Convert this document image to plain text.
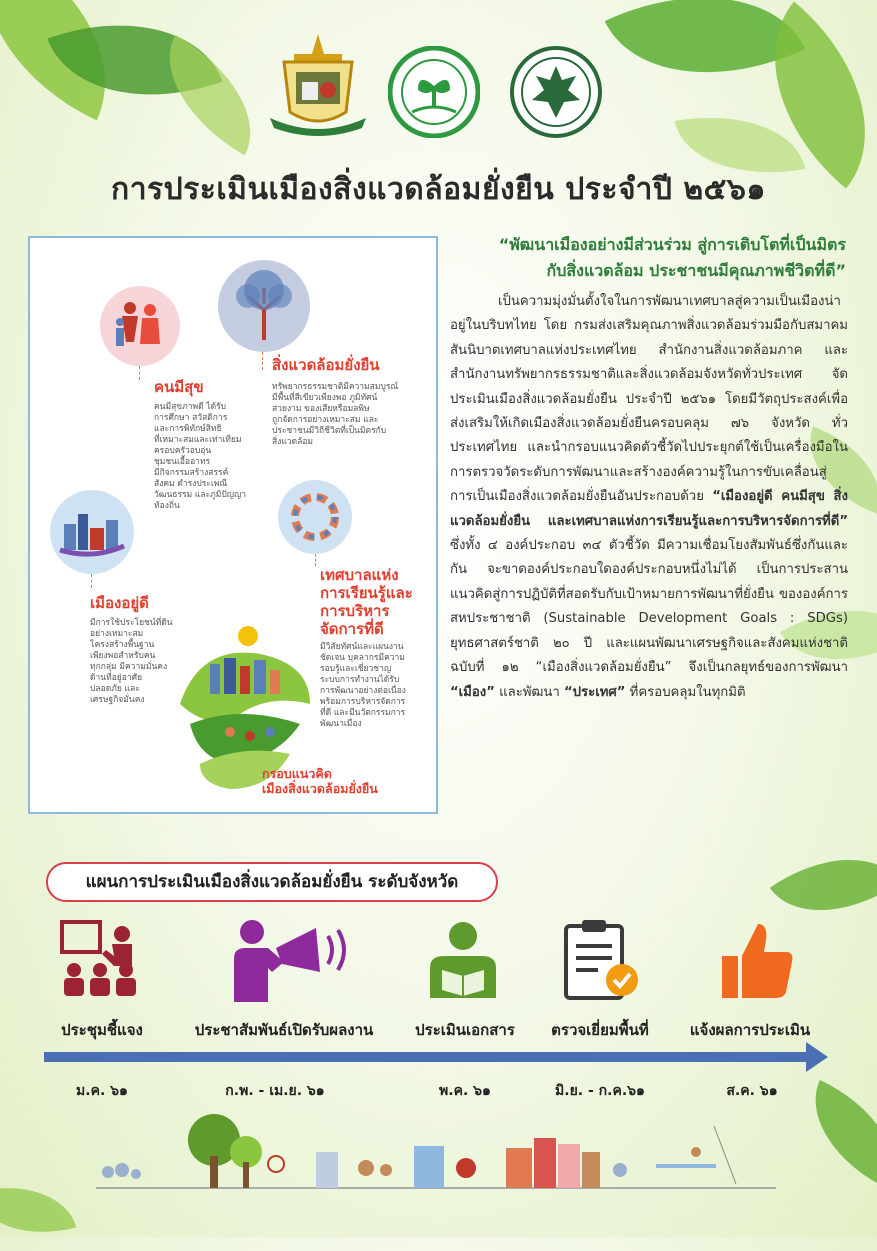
การประเมินเมืองสิ่งแวดล้อมยั่งยืน ประจำปี ๒๕๖๑
คนมีสุข
คนมีสุขภาพดี ได้รับ
การศึกษา สวัสดิการ
และการพิทักษ์สิทธิ
ที่เหมาะสมและเท่าเทียม
ครอบครัวอบอุ่น
ชุมชนเอื้ออาทร
มีกิจกรรมสร้างสรรค์
สังคม ดำรงประเพณี
วัฒนธรรม และภูมิปัญญา
ท้องถิ่น
สิ่งแวดล้อมยั่งยืน
ทรัพยากรธรรมชาติมีความสมบูรณ์
มีพื้นที่สีเขียวเพียงพอ ภูมิทัศน์
สวยงาม ของเสียหรือมลพิษ
ถูกจัดการอย่างเหมาะสม และ
ประชาชนมีวิถีชีวิตที่เป็นมิตรกับ
สิ่งแวดล้อม
เมืองอยู่ดี
มีการใช้ประโยชน์ที่ดิน
อย่างเหมาะสม
โครงสร้างพื้นฐาน
เพียงพอสำหรับคน
ทุกกลุ่ม มีความมั่นคง
ด้านที่อยู่อาศัย
ปลอดภัย และ
เศรษฐกิจมั่นคง
เทศบาลแห่ง
การเรียนรู้และ
การบริหาร
จัดการที่ดี
มีวิสัยทัศน์และแผนงาน
ชัดเจน บุคลากรมีความ
รอบรู้และเชี่ยวชาญ
ระบบการทำงานได้รับ
การพัฒนาอย่างต่อเนื่อง
พร้อมการบริหารจัดการ
ที่ดี และมีนวัตกรรมการ
พัฒนาเมือง
กรอบแนวคิด
เมืองสิ่งแวดล้อมยั่งยืน
“พัฒนาเมืองอย่างมีส่วนร่วม สู่การเติบโตที่เป็นมิตร
กับสิ่งแวดล้อม ประชาชนมีคุณภาพชีวิตที่ดี”

เป็นความมุ่งมั่นตั้งใจในการพัฒนาเทศบาลสู่ความเป็นเมืองน่าอยู่ในบริบทไทย โดย กรมส่งเสริมคุณภาพสิ่งแวดล้อมร่วมมือกับสมาคมสันนิบาตเทศบาลแห่งประเทศไทย สำนักงานสิ่งแวดล้อมภาค และสำนักงานทรัพยากรธรรมชาติและสิ่งแวดล้อมจังหวัดทั่วประเทศ จัดประเมินเมืองสิ่งแวดล้อมยั่งยืน ประจำปี ๒๕๖๑ โดยมีวัตถุประสงค์เพื่อส่งเสริมให้เกิดเมืองสิ่งแวดล้อมยั่งยืนครอบคลุม ๗๖ จังหวัด ทั่วประเทศไทย และนำกรอบแนวคิดตัวชี้วัดไปประยุกต์ใช้เป็นเครื่องมือในการตรวจวัดระดับการพัฒนาและสร้างองค์ความรู้ในการขับเคลื่อนสู่การเป็นเมืองสิ่งแวดล้อมยั่งยืนอันประกอบด้วย “เมืองอยู่ดี คนมีสุข สิ่งแวดล้อมยั่งยืน และเทศบาลแห่งการเรียนรู้และการบริหารจัดการที่ดี” ซึ่งทั้ง ๔ องค์ประกอบ ๓๔ ตัวชี้วัด มีความเชื่อมโยงสัมพันธ์ซึ่งกันและกัน จะขาดองค์ประกอบใดองค์ประกอบหนึ่งไม่ได้ เป็นการประสานแนวคิดสู่การปฏิบัติที่สอดรับกับเป้าหมายการพัฒนาที่ยั่งยืน ขององค์การสหประชาชาติ (Sustainable Development Goals : SDGs) ยุทธศาสตร์ชาติ ๒๐ ปี และแผนพัฒนาเศรษฐกิจและสังคมแห่งชาติ ฉบับที่ ๑๒ “เมืองสิ่งแวดล้อมยั่งยืน” จึงเป็นกลยุทธ์ของการพัฒนา “เมือง” และพัฒนา “ประเทศ” ที่ครอบคลุมในทุกมิติ

แผนการประเมินเมืองสิ่งแวดล้อมยั่งยืน ระดับจังหวัด
ประชุมชี้แจง	ประชาสัมพันธ์เปิดรับผลงาน	ประเมินเอกสาร	ตรวจเยี่ยมพื้นที่	แจ้งผลการประเมิน
ม.ค. ๖๑	ก.พ. - เม.ย. ๖๑	พ.ค. ๖๑	มิ.ย. - ก.ค.๖๑	ส.ค. ๖๑
